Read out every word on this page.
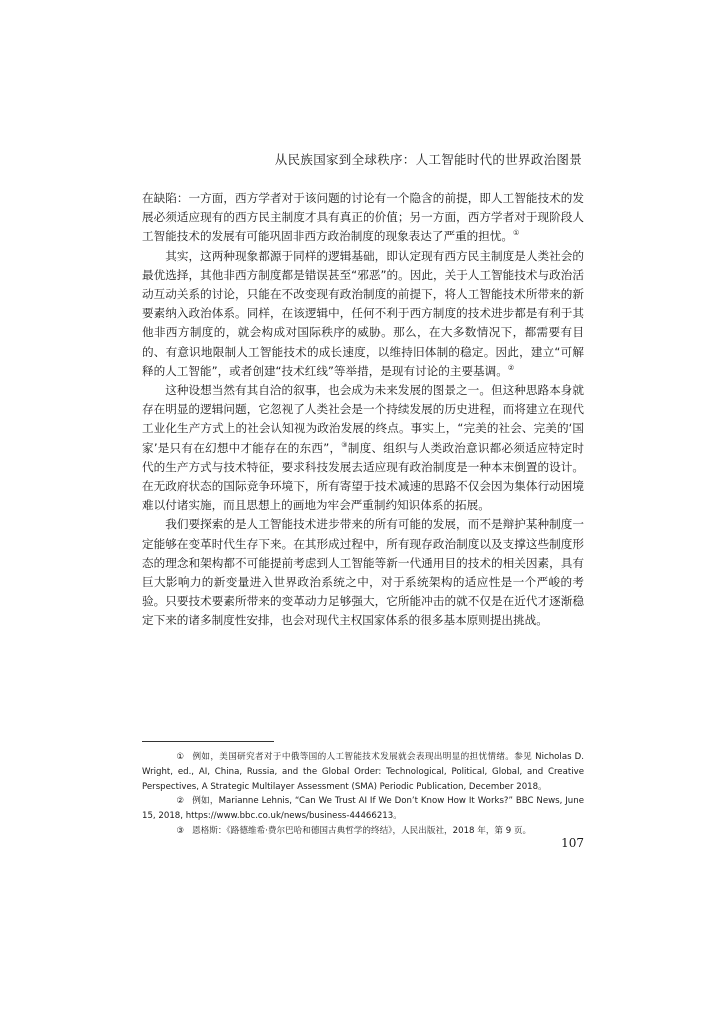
从民族国家到全球秩序：人工智能时代的世界政治图景

在缺陷：一方面，西方学者对于该问题的讨论有一个隐含的前提，即人工智能技术的发展必须适应现有的西方民主制度才具有真正的价值；另一方面，西方学者对于现阶段人工智能技术的发展有可能巩固非西方政治制度的现象表达了严重的担忧。①

其实，这两种现象都源于同样的逻辑基础，即认定现有西方民主制度是人类社会的最优选择，其他非西方制度都是错误甚至“邪恶”的。因此，关于人工智能技术与政治活动互动关系的讨论，只能在不改变现有政治制度的前提下，将人工智能技术所带来的新要素纳入政治体系。同样，在该逻辑中，任何不利于西方制度的技术进步都是有利于其他非西方制度的，就会构成对国际秩序的威胁。那么，在大多数情况下，都需要有目的、有意识地限制人工智能技术的成长速度，以维持旧体制的稳定。因此，建立“可解释的人工智能”，或者创建“技术红线”等举措，是现有讨论的主要基调。②

这种设想当然有其自洽的叙事，也会成为未来发展的图景之一。但这种思路本身就存在明显的逻辑问题，它忽视了人类社会是一个持续发展的历史进程，而将建立在现代工业化生产方式上的社会认知视为政治发展的终点。事实上，“完美的社会、完美的‘国家’是只有在幻想中才能存在的东西”，③制度、组织与人类政治意识都必须适应特定时代的生产方式与技术特征，要求科技发展去适应现有政治制度是一种本末倒置的设计。在无政府状态的国际竞争环境下，所有寄望于技术减速的思路不仅会因为集体行动困境难以付诸实施，而且思想上的画地为牢会严重制约知识体系的拓展。

我们要探索的是人工智能技术进步带来的所有可能的发展，而不是辩护某种制度一定能够在变革时代生存下来。在其形成过程中，所有现存政治制度以及支撑这些制度形态的理念和架构都不可能提前考虑到人工智能等新一代通用目的技术的相关因素，具有巨大影响力的新变量进入世界政治系统之中，对于系统架构的适应性是一个严峻的考验。只要技术要素所带来的变革动力足够强大，它所能冲击的就不仅是在近代才逐渐稳定下来的诸多制度性安排，也会对现代主权国家体系的很多基本原则提出挑战。

① 例如，美国研究者对于中俄等国的人工智能技术发展就会表现出明显的担忧情绪。参见 Nicholas D. Wright, ed., AI, China, Russia, and the Global Order: Technological, Political, Global, and Creative Perspectives, A Strategic Multilayer Assessment (SMA) Periodic Publication, December 2018。

② 例如，Marianne Lehnis, “Can We Trust AI If We Don’t Know How It Works?” BBC News, June 15, 2018, https://www.bbc.co.uk/news/business-44466213。

③ 恩格斯：《路德维希·费尔巴哈和德国古典哲学的终结》，人民出版社，2018 年，第 9 页。

107
